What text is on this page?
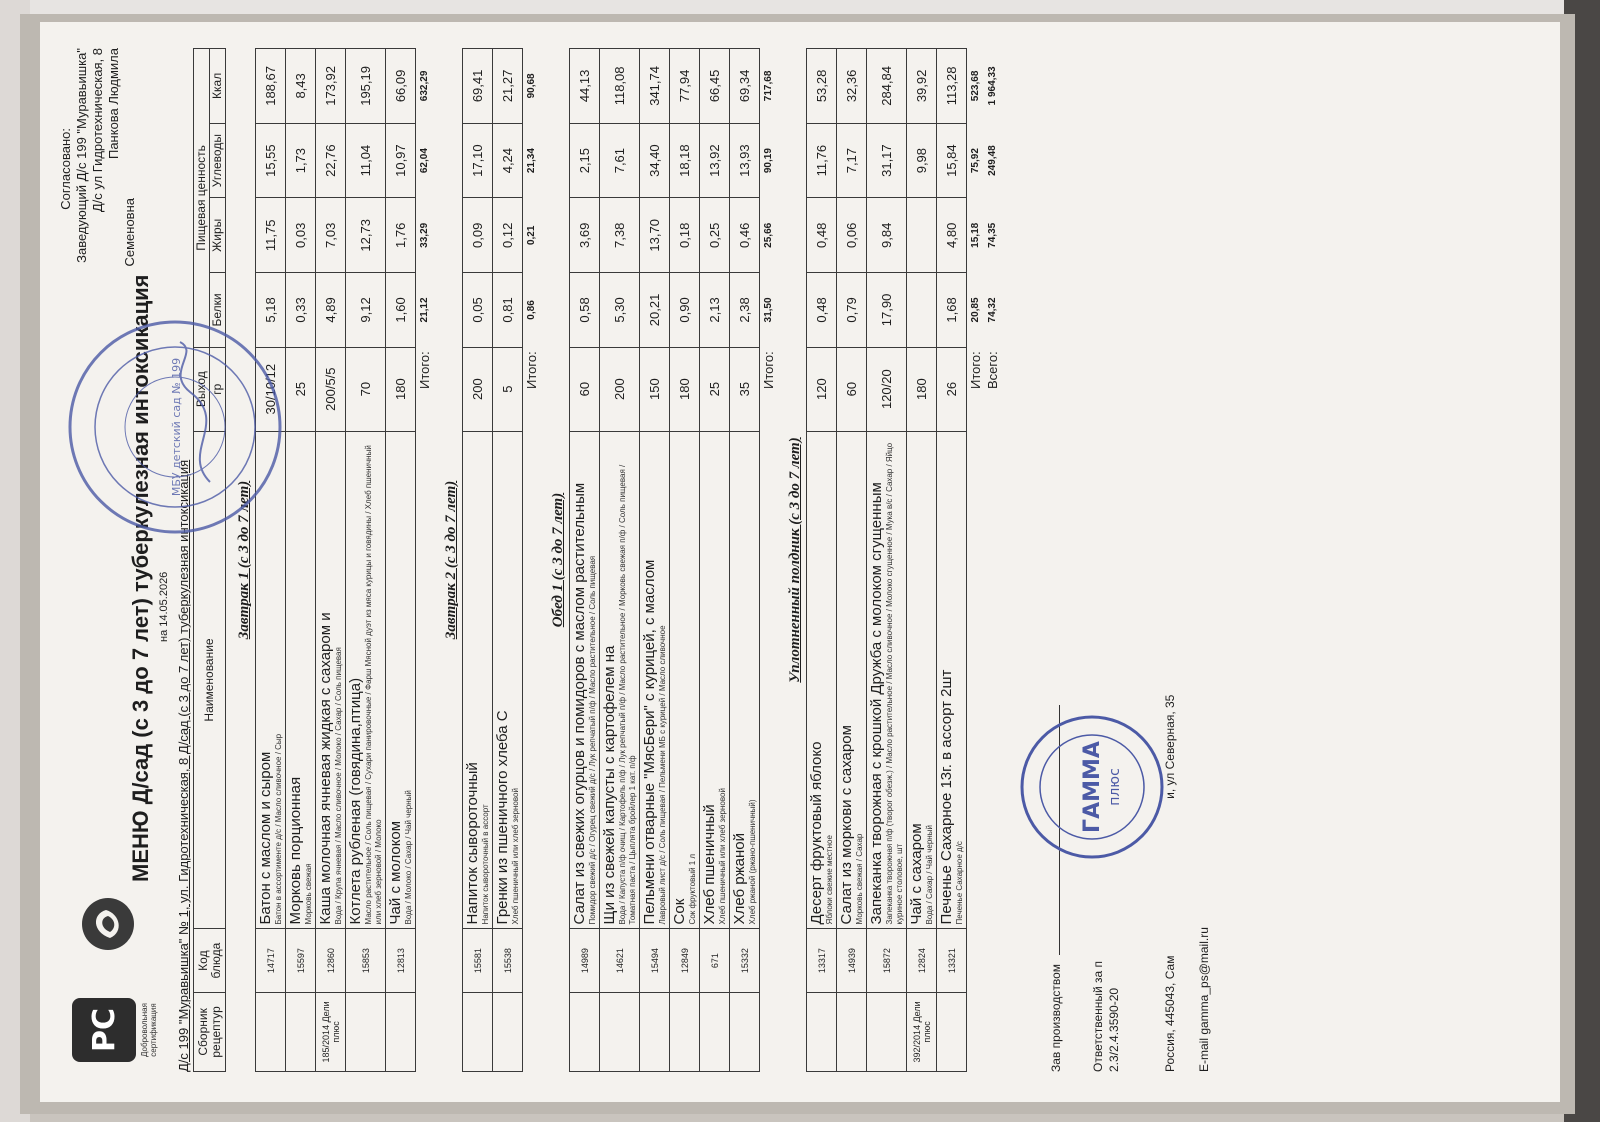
РС	Добровольная сертификация
Согласовано: Заведующий Д/с 199 "Муравьишка" Д/с ул Гидротехническая, 8 Панкова Людмила
Семеновна
МЕНЮ Д/сад (с 3 до 7 лет) туберкулезная интоксикация на 14.05.2026 Д/с 199 "Муравьишка" № 1, ул. Гидротехническая, 8 Д/сад (с 3 до 7 лет) туберкулезная интоксикация Сборник рецептур	Код блюда	Наименование	Выход	Пищевая ценность			
			гр	Белки	Жиры	Углеводы	Ккал
Завтрак 1 (с 3 до 7 лет)							
	14717	Батон с маслом и сыром Батон в ассортименте д/с / Масло сливочное / Сыр	30/10/12	5,18	11,75	15,55	188,67
	15597	Морковь порционная Морковь свежая	25	0,33	0,03	1,73	8,43
185/2014 Дели плюс	12860	Каша молочная ячневая жидкая с сахаром и Вода / Крупа ячневая / Масло сливочное / Молоко / Сахар / Соль пищевая	200/5/5	4,89	7,03	22,76	173,92
	15853	Котлета рубленая (говядина,птица) Масло растительное / Соль пищевая / Сухари панировочные / Фарш Мясной дуэт из мяса курицы и говядины / Хлеб пшеничный или хлеб зерновой / Молоко	70	9,12	12,73	11,04	195,19
	12813	Чай с молоком Вода / Молоко / Сахар / Чай черный	180	1,60	1,76	10,97	66,09
			Итого:	21,12	33,29	62,04	632,29
Завтрак 2 (с 3 до 7 лет)							
	15581	Напиток сывороточный Напиток сывороточный в ассорт	200	0,05	0,09	17,10	69,41
	15538	Гренки из пшеничного хлеба С Хлеб пшеничный или хлеб зерновой	5	0,81	0,12	4,24	21,27
			Итого:	0,86	0,21	21,34	90,68
Обед 1 (с 3 до 7 лет)							
	14989	Салат из свежих огурцов и помидоров с маслом растительным Помидор свежий д/с / Огурец свежий д/с / Лук репчатый п/ф / Масло растительное / Соль пищевая	60	0,58	3,69	2,15	44,13
	14621	Щи из свежей капусты с картофелем на Вода / Капуста п/ф очищ / Картофель п/ф / Лук репчатый п/ф / Масло растительное / Морковь свежая п/ф / Соль пищевая / Томатная паста / Цыплята бройлер 1 кат. п/ф	200	5,30	7,38	7,61	118,08
	15494	Пельмени отварные "МясБери" с курицей, с маслом Лавровый лист д/с / Соль пищевая / Пельмени МБ с курицей / Масло сливочное	150	20,21	13,70	34,40	341,74
	12849	Сок Сок фруктовый 1 л	180	0,90	0,18	18,18	77,94
	671	Хлеб пшеничный Хлеб пшеничный или хлеб зерновой	25	2,13	0,25	13,92	66,45
	15332	Хлеб ржаной Хлеб ржаной (ржано-пшеничный)	35	2,38	0,46	13,93	69,34
			Итого:	31,50	25,66	90,19	717,68
Уплотненный полдник (с 3 до 7 лет)							
	13317	Десерт фруктовый яблоко Яблоки свежие местное	120	0,48	0,48	11,76	53,28
	14939	Салат из моркови с сахаром Морковь свежая / Сахар	60	0,79	0,06	7,17	32,36
	15872	Запеканка творожная с крошкой Дружба с молоком сгущенным Запеканка творожная п/ф (творог обезж.) / Масло растительное / Масло сливочное / Молоко сгущенное / Мука в/с / Сахар / Яйцо куриное столовое, шт	120/20	17,90	9,84	31,17	284,84
392/2014 Дели плюс	12824	Чай с сахаром Вода / Сахар / Чай черный	180			9,98	39,92
	13321	Печенье Сахарное 13г. в ассорт 2шт Печенье Сахарное д/с	26	1,68	4,80	15,84	113,28
			Итого:	20,85	15,18	75,92	523,68
			Всего:	74,32	74,35	249,48	1 964,33
Зав производством Ответственный за п 2.3/2.4.3590-20	Россия, 445043, Сам  и, ул Северная, 35
E-mail gamma_ps@mail.ru
ГАММА плюс
МБУ детский сад № 199
